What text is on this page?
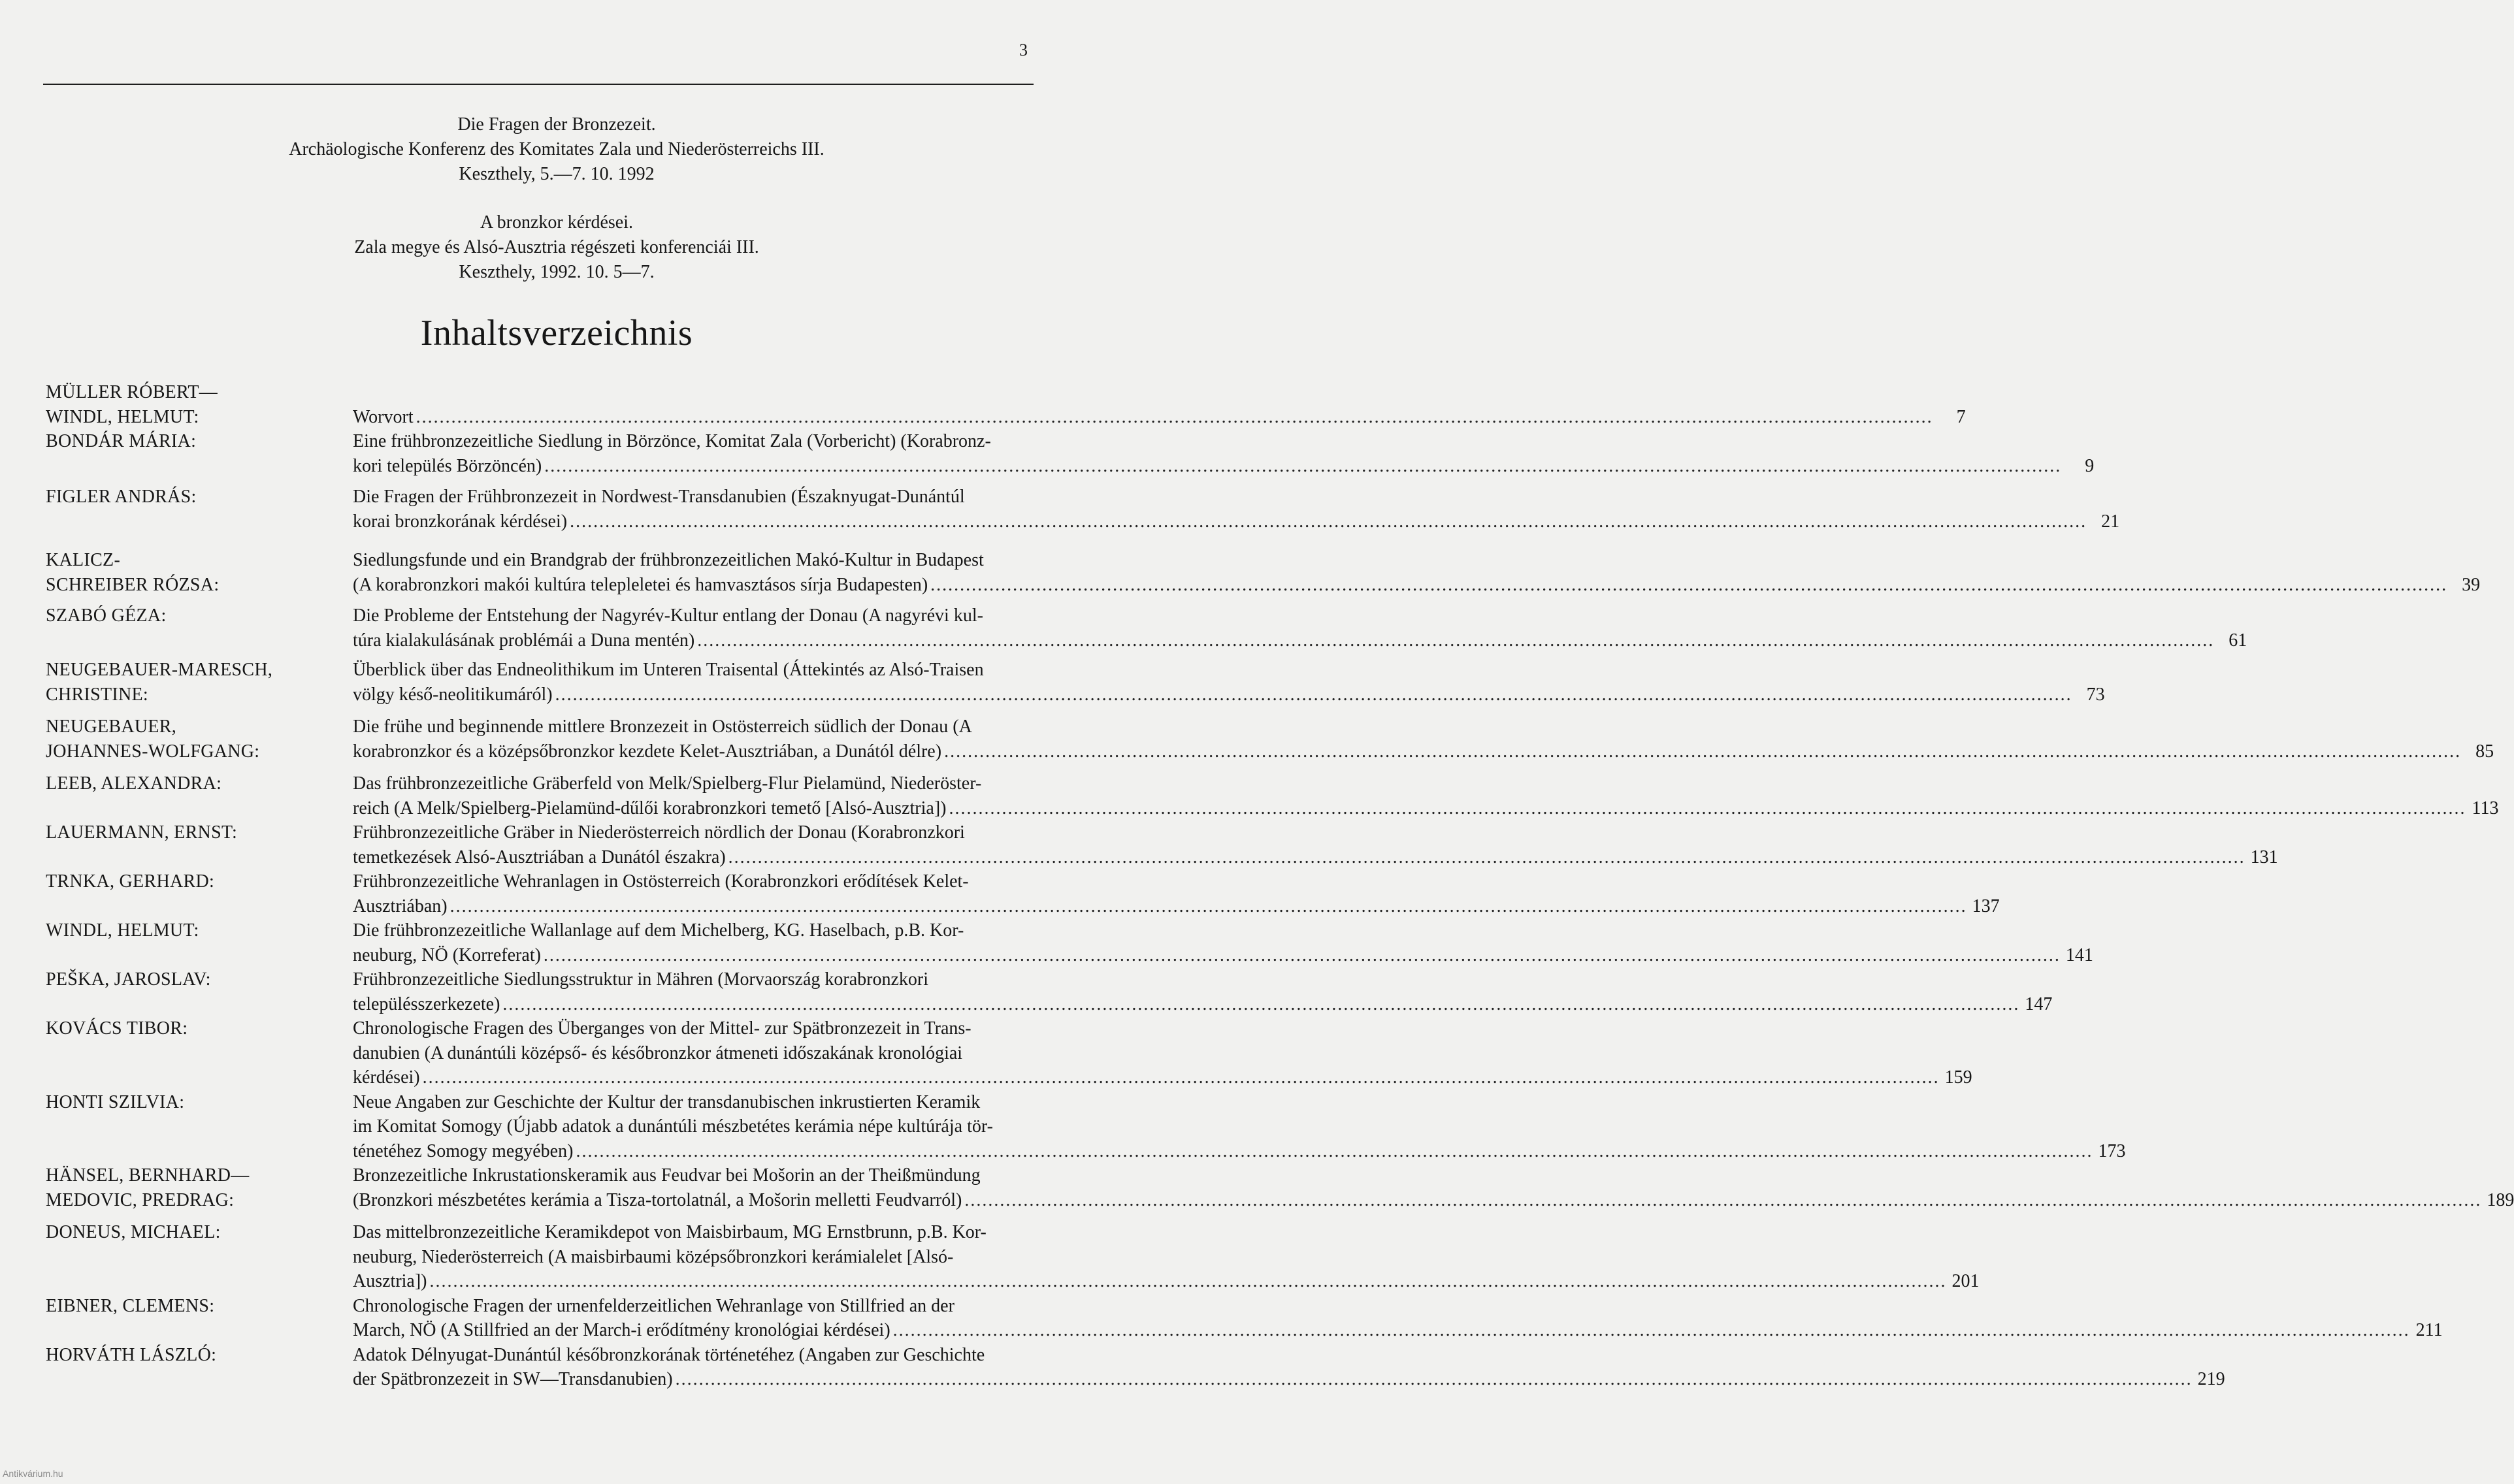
3
Die Fragen der Bronzezeit.
Archäologische Konferenz des Komitates Zala und Niederösterreichs III.
Keszthely, 5.—7. 10. 1992
A bronzkor kérdései.
Zala megye és Alsó-Ausztria régészeti konferenciái III.
Keszthely, 1992. 10. 5—7.
Inhaltsverzeichnis
MÜLLER RÓBERT—
WINDL, HELMUT:	Worvort .....	7
BONDÁR MÁRIA:	Eine frühbronzezeitliche Siedlung in Börzönce, Komitat Zala (Vorbericht) (Korabronz-
kori település Börzöncén) .....	9
FIGLER ANDRÁS:	Die Fragen der Frühbronzezeit in Nordwest-Transdanubien (Északnyugat-Dunántúl
korai bronzkorának kérdései) .....	21
KALICZ-
SCHREIBER RÓZSA:
Siedlungsfunde und ein Brandgrab der frühbronzezeitlichen Makó-Kultur in Budapest
(A korabronzkori makói kultúra telepleletei és hamvasztásos sírja Budapesten) .....	39
SZABÓ GÉZA:	Die Probleme der Entstehung der Nagyrév-Kultur entlang der Donau (A nagyrévi kul-
túra kialakulásának problémái a Duna mentén) .....	61
NEUGEBAUER-MARESCH,
CHRISTINE:
Überblick über das Endneolithikum im Unteren Traisental (Áttekintés az Alsó-Traisen
völgy késő-neolitikumáról) .....	73
NEUGEBAUER,
JOHANNES-WOLFGANG:
Die frühe und beginnende mittlere Bronzezeit in Ostösterreich südlich der Donau (A
korabronzkor és a középsőbronzkor kezdete Kelet-Ausztriában, a Dunától délre) .....	85
LEEB, ALEXANDRA:	Das frühbronzezeitliche Gräberfeld von Melk/Spielberg-Flur Pielamünd, Niederöster-
reich (A Melk/Spielberg-Pielamünd-dűlői korabronzkori temető [Alsó-Ausztria]) .....	113
LAUERMANN, ERNST:	Frühbronzezeitliche Gräber in Niederösterreich nördlich der Donau (Korabronzkori
temetkezések Alsó-Ausztriában a Dunától északra) .....	131
TRNKA, GERHARD:	Frühbronzezeitliche Wehranlagen in Ostösterreich (Korabronzkori erődítések Kelet-
Ausztriában) .....	137
WINDL, HELMUT:	Die frühbronzezeitliche Wallanlage auf dem Michelberg, KG. Haselbach, p.B. Kor-
neuburg, NÖ (Korreferat) .....	141
PEŠKA, JAROSLAV:	Frühbronzezeitliche Siedlungsstruktur in Mähren (Morvaország korabronzkori
településszerkezete) .....	147
KOVÁCS TIBOR:	Chronologische Fragen des Überganges von der Mittel- zur Spätbronzezeit in Trans-
danubien (A dunántúli középső- és későbronzkor átmeneti időszakának kronológiai
kérdései) .....	159
HONTI SZILVIA:	Neue Angaben zur Geschichte der Kultur der transdanubischen inkrustierten Keramik
im Komitat Somogy (Újabb adatok a dunántúli mészbetétes kerámia népe kultúrája tör-
ténetéhez Somogy megyében) .....	173
HÄNSEL, BERNHARD—
MEDOVIC, PREDRAG:
Bronzezeitliche Inkrustationskeramik aus Feudvar bei Mošorin an der Theißmündung
(Bronzkori mészbetétes kerámia a Tisza-tortolatnál, a Mošorin melletti Feudvarról) .....	189
DONEUS, MICHAEL:	Das mittelbronzezeitliche Keramikdepot von Maisbirbaum, MG Ernstbrunn, p.B. Kor-
neuburg, Niederösterreich (A maisbirbaumi középsőbronzkori kerámialelet [Alsó-
Ausztria]) .....	201
EIBNER, CLEMENS:	Chronologische Fragen der urnenfelderzeitlichen Wehranlage von Stillfried an der
March, NÖ (A Stillfried an der March-i erődítmény kronológiai kérdései) .....	211
HORVÁTH LÁSZLÓ:	Adatok Délnyugat-Dunántúl későbronzkorának történetéhez (Angaben zur Geschichte
der Spätbronzezeit in SW—Transdanubien) .....	219
Antikvárium.hu
